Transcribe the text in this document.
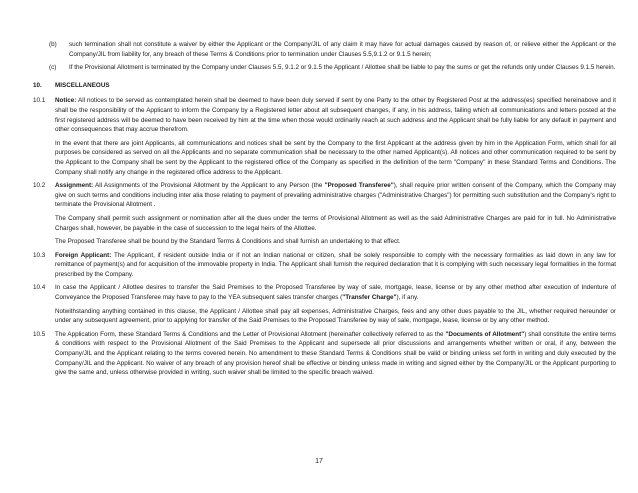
(b)	such termination shall not constitute a waiver by either the Applicant or the Company/JIL of any claim it may have for actual damages caused by reason of, or relieve either the Applicant or the Company/JIL from liability for, any breach of these Terms & Conditions prior to termination under Clauses 5.5,9.1.2 or 9.1.5 herein;
(c)	If the Provisional Allotment is terminated by the Company under Clauses 5.5, 9.1.2 or 9.1.5 the Applicant / Allottee shall be liable to pay the sums or get the refunds only under Clauses 9.1.5 herein.
10.	MISCELLANEOUS
10.1	Notice: All notices to be served as contemplated herein shall be deemed to have been duly served if sent by one Party to the other by Registered Post at the address(es) specified hereinabove and it shall be the responsibility of the Applicant to inform the Company by a Registered letter about all subsequent changes, if any, in his address, failing which all communications and letters posted at the first registered address will be deemed to have been received by him at the time when those would ordinarily reach at such address and the Applicant shall be fully liable for any default in payment and other consequences that may accrue therefrom.
In the event that there are joint Applicants, all communications and notices shall be sent by the Company to the first Applicant at the address given by him in the Application Form, which shall for all purposes be considered as served on all the Applicants and no separate communication shall be necessary to the other named Applicant(s). All notices and other communication required to be sent by the Applicant to the Company shall be sent by the Applicant to the registered office of the Company as specified in the definition of the term "Company" in these Standard Terms and Conditions. The Company shall notify any change in the registered office address to the Applicant.
10.2	Assignment: All Assignments of the Provisional Allotment by the Applicant to any Person (the "Proposed Transferee"), shall require prior written consent of the Company, which the Company may give on such terms and conditions including inter alia those relating to payment of prevailing administrative charges ("Administrative Charges") for permitting such substitution and the Company's right to terminate the Provisional Allotment .
The Company shall permit such assignment or nomination after all the dues under the terms of Provisional Allotment as well as the said Administrative Charges are paid for in full. No Administrative Charges shall, however, be payable in the case of succession to the legal heirs of the Allottee.
The Proposed Transferee shall be bound by the Standard Terms & Conditions and shall furnish an undertaking to that effect.
10.3	Foreign Applicant: The Applicant, if resident outside India or if not an Indian national or citizen, shall be solely responsible to comply with the necessary formalities as laid down in any law for remittance of payment(s) and for acquisition of the immovable property in India. The Applicant shall furnish the required declaration that it is complying with such necessary legal formalities in the format prescribed by the Company.
10.4	In case the Applicant / Allottee desires to transfer the Said Premises to the Proposed Transferee by way of sale, mortgage, lease, license or by any other method after execution of Indenture of Conveyance the Proposed Transferee may have to pay to the YEA subsequent sales transfer charges ("Transfer Charge"), if any.
Notwithstanding anything contained in this clause, the Applicant / Allottee shall pay all expenses, Administrative Charges, fees and any other dues payable to the JIL, whether required hereunder or under any subsequent agreement, prior to applying for transfer of the Said Premises to the Proposed Transferee by way of sale, mortgage, lease, license or by any other method.
10.5	The Application Form, these Standard Terms & Conditions and the Letter of Provisional Allotment (hereinafter collectively referred to as the "Documents of Allotment") shall constitute the entire terms & conditions with respect to the Provisional Allotment of the Said Premises to the Applicant and supersede all prior discussions and arrangements whether written or oral, if any, between the Company/JIL and the Applicant relating to the terms covered herein. No amendment to these Standard Terms & Conditions shall be valid or binding unless set forth in writing and duly executed by the Company/JIL and the Applicant. No waiver of any breach of any provision hereof shall be effective or binding unless made in writing and signed either by the Company/JIL or the Applicant purporting to give the same and, unless otherwise provided in writing, such waiver shall be limited to the specific breach waived.
17
